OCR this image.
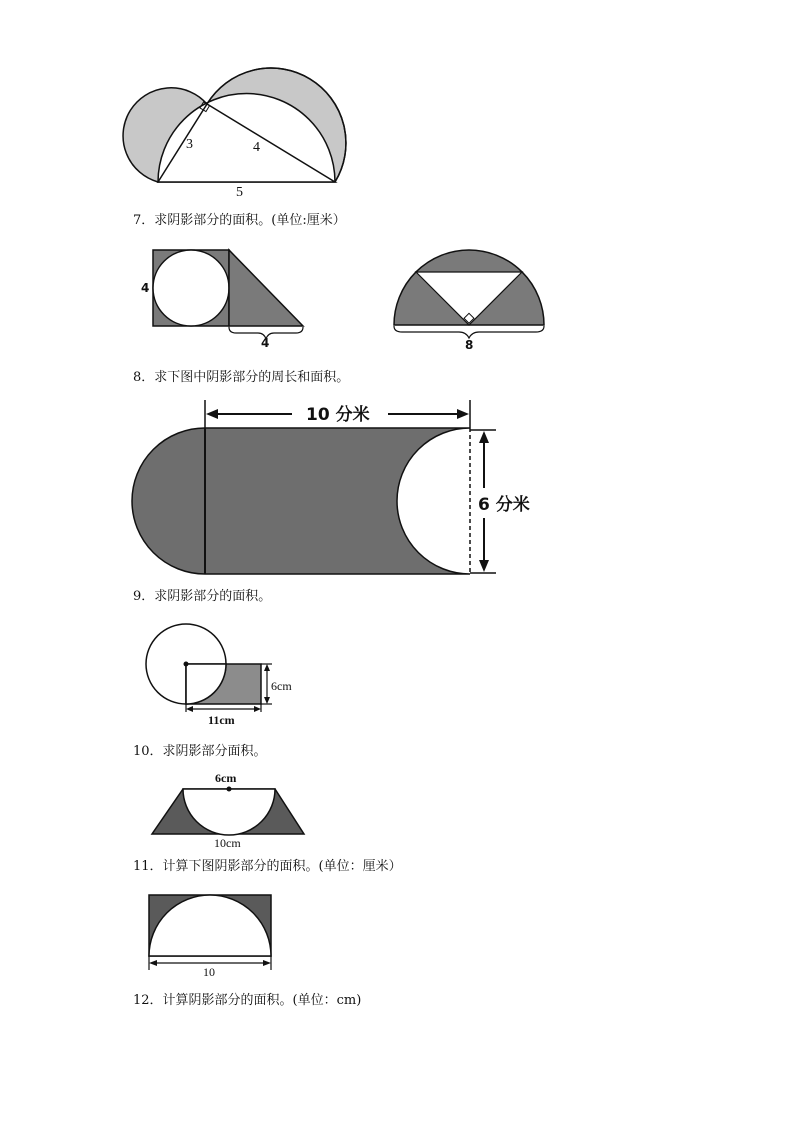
3	4
5
7．求阴影部分的面积。(单位:厘米）
4
4	8
8．求下图中阴影部分的周长和面积。
10 分米
6 分米
9．求阴影部分的面积。
6cm
11cm
10．求阴影部分面积。
6cm
10cm
11．计算下图阴影部分的面积。(单位：厘米）
10
12．计算阴影部分的面积。(单位：cm)
